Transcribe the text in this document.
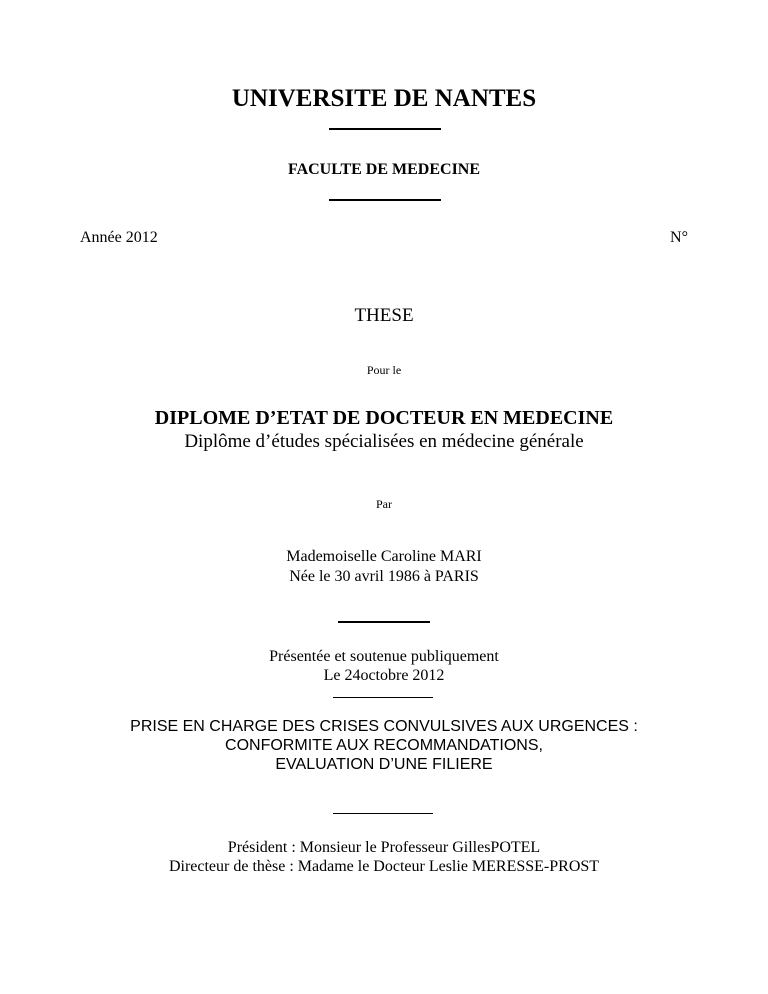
UNIVERSITE DE NANTES
FACULTE DE MEDECINE
Année 2012	N°
THESE
Pour le
DIPLOME D’ETAT DE DOCTEUR EN MEDECINE
Diplôme d’études spécialisées en médecine générale
Par
Mademoiselle Caroline MARI
Née le 30 avril 1986 à PARIS
Présentée et soutenue publiquement
Le 24octobre 2012
PRISE EN CHARGE DES CRISES CONVULSIVES AUX URGENCES :
CONFORMITE AUX RECOMMANDATIONS,
EVALUATION D’UNE FILIERE
Président : Monsieur le Professeur GillesPOTEL
Directeur de thèse : Madame le Docteur Leslie MERESSE-PROST
